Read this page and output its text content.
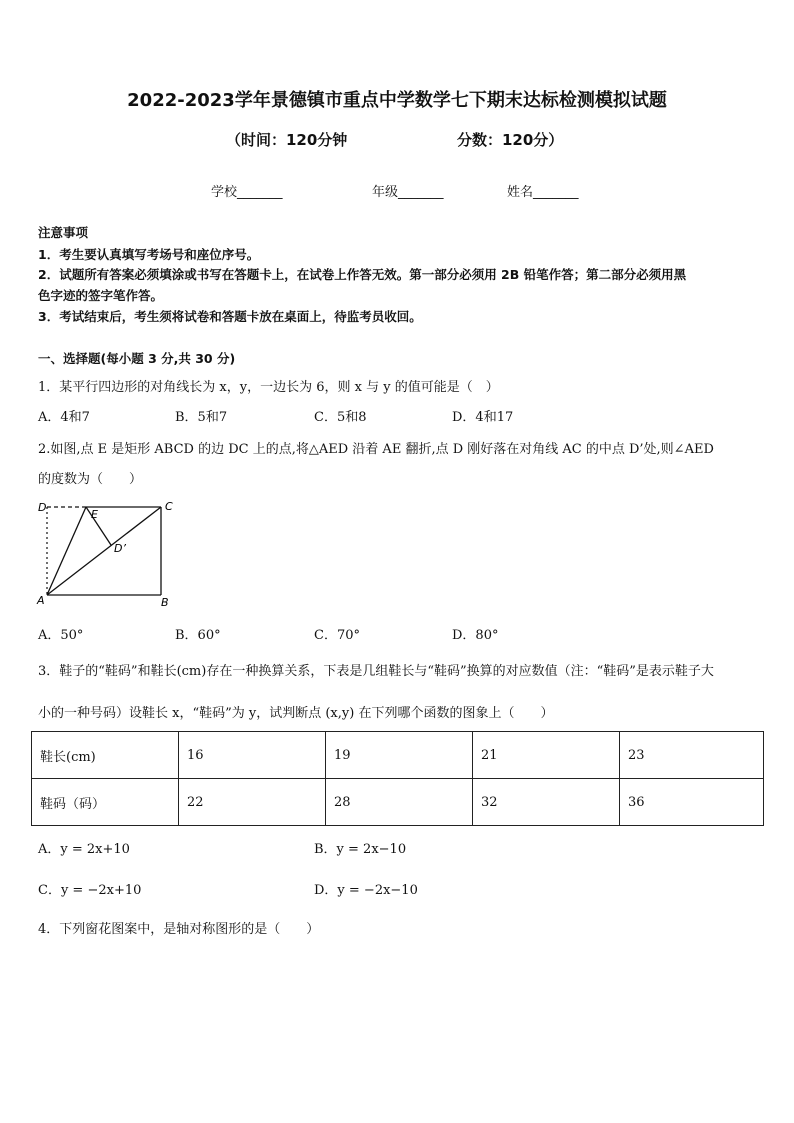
2022-2023学年景德镇市重点中学数学七下期末达标检测模拟试题
（时间：120分钟	分数：120分）
学校_______	年级_______	姓名_______
注意事项
1．考生要认真填写考场号和座位序号。
2．试题所有答案必须填涂或书写在答题卡上，在试卷上作答无效。第一部分必须用 2B 铅笔作答；第二部分必须用黑
色字迹的签字笔作答。
3．考试结束后，考生须将试卷和答题卡放在桌面上，待监考员收回。
一、选择题(每小题 3 分,共 30 分)
1．某平行四边形的对角线长为 x，y，一边长为 6，则 x 与 y 的值可能是（　）
A．4和7	B．5和7	C．5和8	D．4和17
2.如图,点 E 是矩形 ABCD 的边 DC 上的点,将△AED 沿着 AE 翻折,点 D 刚好落在对角线 AC 的中点 D’处,则∠AED
的度数为（　　）
D
E
C
D’
A	B
A．50°	B．60°	C．70°	D．80°
3．鞋子的“鞋码”和鞋长(cm)存在一种换算关系，下表是几组鞋长与“鞋码”换算的对应数值（注：“鞋码”是表示鞋子大
小的一种号码）设鞋长 x，“鞋码”为 y，试判断点 (x,y) 在下列哪个函数的图象上（　　）
鞋长(cm)	16	19	21	23
鞋码（码）	22	28	32	36
A．y = 2x+10	B．y = 2x−10
C．y = −2x+10	D．y = −2x−10
4．下列窗花图案中，是轴对称图形的是（　　）
